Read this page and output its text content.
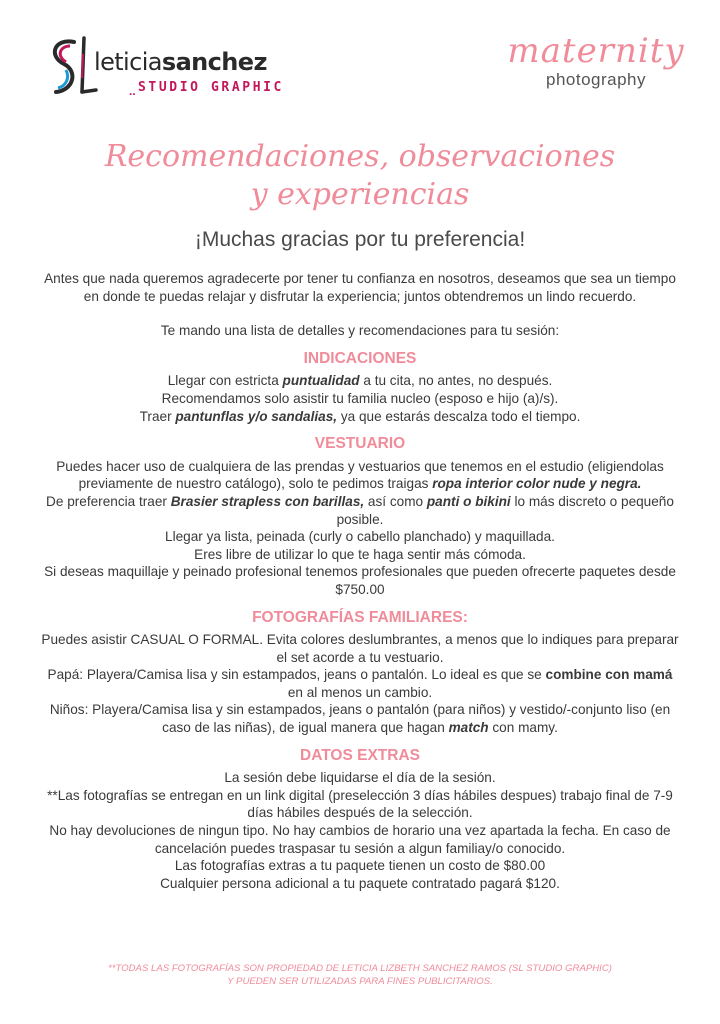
leticiasanchez
.. STUDIO GRAPHIC
maternity
photography
Recomendaciones, observaciones
y experiencias
¡Muchas gracias por tu preferencia!

Antes que nada queremos agradecerte por tener tu confianza en nosotros, deseamos que sea un tiempo en donde te puedas relajar y disfrutar la experiencia; juntos obtendremos un lindo recuerdo.

Te mando una lista de detalles y recomendaciones para tu sesión:

INDICACIONES

Llegar con estricta puntualidad a tu cita, no antes, no después.

Recomendamos solo asistir tu familia nucleo (esposo e hijo (a)/s).

Traer pantunflas y/o sandalias, ya que estarás descalza todo el tiempo.

VESTUARIO

Puedes hacer uso de cualquiera de las prendas y vestuarios que tenemos en el estudio (eligiendolas previamente de nuestro catálogo), solo te pedimos traigas ropa interior color nude y negra.

De preferencia traer Brasier strapless con barillas, así como panti o bikini lo más discreto o pequeño posible.

Llegar ya lista, peinada (curly o cabello planchado) y maquillada.

Eres libre de utilizar lo que te haga sentir más cómoda.

Si deseas maquillaje y peinado profesional tenemos profesionales que pueden ofrecerte paquetes desde $750.00

FOTOGRAFÍAS FAMILIARES:

Puedes asistir CASUAL O FORMAL. Evita colores deslumbrantes, a menos que lo indiques para preparar el set acorde a tu vestuario.

Papá: Playera/Camisa lisa y sin estampados, jeans o pantalón. Lo ideal es que se combine con mamá en al menos un cambio.

Niños: Playera/Camisa lisa y sin estampados, jeans o pantalón (para niños) y vestido/-conjunto liso (en caso de las niñas), de igual manera que hagan match con mamy.

DATOS EXTRAS

La sesión debe liquidarse el día de la sesión.

**Las fotografías se entregan en un link digital (preselección 3 días hábiles despues) trabajo final de 7-9 días hábiles después de la selección.

No hay devoluciones de ningun tipo. No hay cambios de horario una vez apartada la fecha. En caso de cancelación puedes traspasar tu sesión a algun familiay/o conocido.

Las fotografías extras a tu paquete tienen un costo de $80.00

Cualquier persona adicional a tu paquete contratado pagará $120.

**TODAS LAS FOTOGRAFÍAS SON PROPIEDAD DE LETICIA LIZBETH SANCHEZ RAMOS (SL STUDIO GRAPHIC)
Y PUEDEN SER UTILIZADAS PARA FINES PUBLICITARIOS.
